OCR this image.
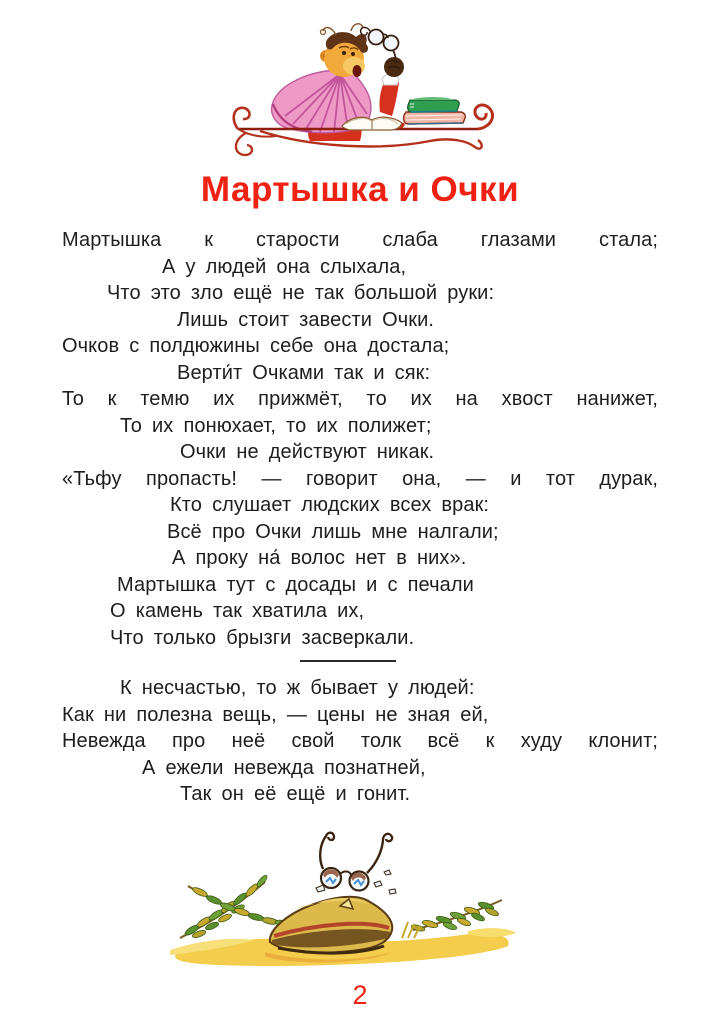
Мартышка и Очки
Мартышка к старости слаба глазами стала;
А у людей она слыхала,
Что это зло ещё не так большой руки:
Лишь стоит завести Очки.
Очков с полдюжины себе она достала;
Верти́т Очками так и сяк:
То к темю их прижмёт, то их на хвост нанижет,
То их понюхает, то их полижет;
Очки не действуют никак.
«Тьфу пропасть! — говорит она, — и тот дурак,
Кто слушает людских всех врак:
Всё про Очки лишь мне налгали;
А проку на́ волос нет в них».
Мартышка тут с досады и с печали
О камень так хватила их,
Что только брызги засверкали.
К несчастью, то ж бывает у людей:
Как ни полезна вещь, — цены не зная ей,
Невежда про неё свой толк всё к худу клонит;
А ежели невежда познатней,
Так он её ещё и гонит.
2
